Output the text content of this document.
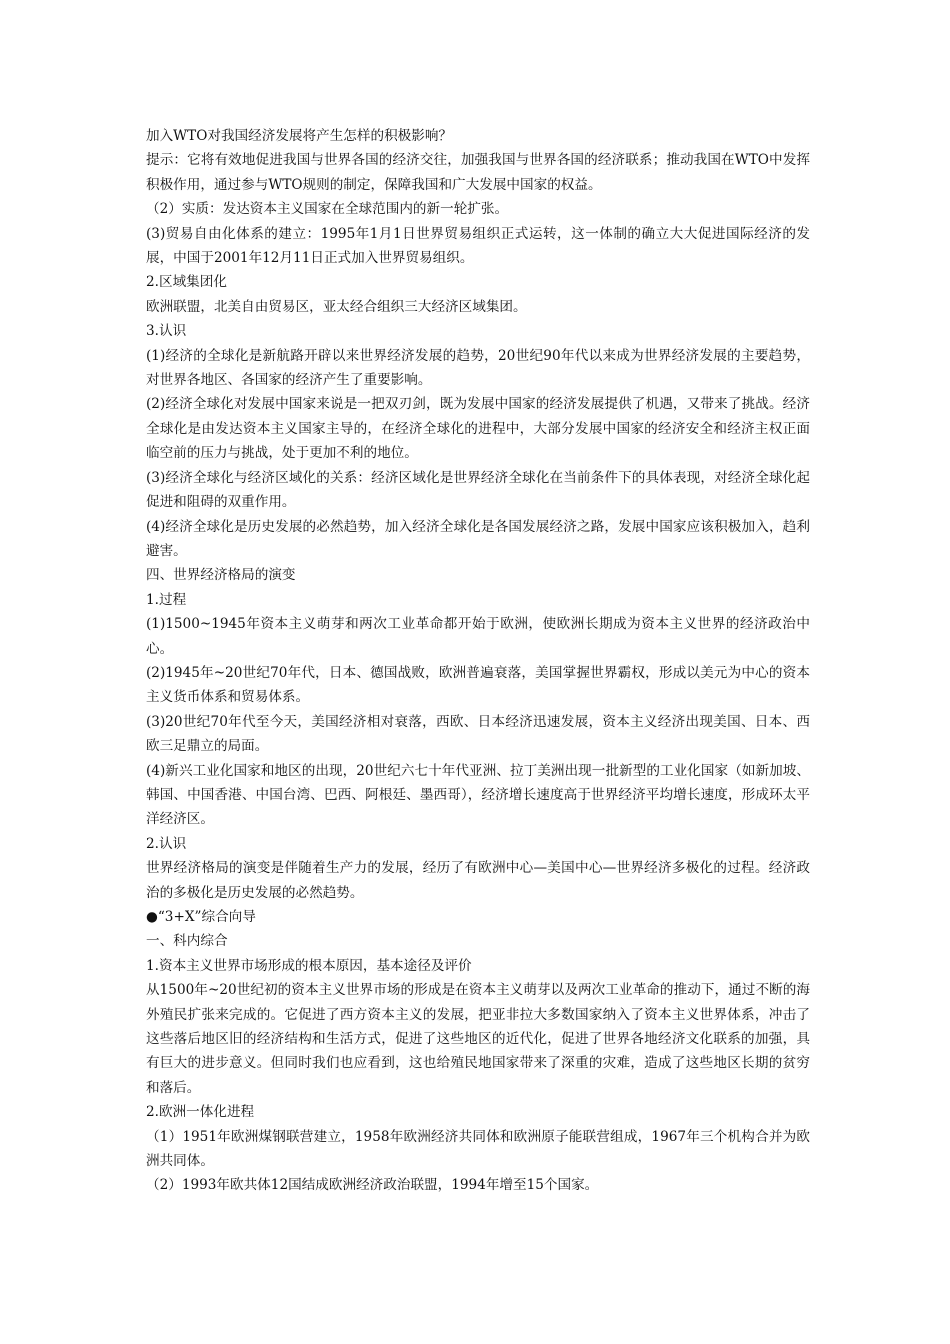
加入WTO对我国经济发展将产生怎样的积极影响？

提示：它将有效地促进我国与世界各国的经济交往，加强我国与世界各国的经济联系；推动我国在WTO中发挥积极作用，通过参与WTO规则的制定，保障我国和广大发展中国家的权益。

（2）实质：发达资本主义国家在全球范围内的新一轮扩张。

(3)贸易自由化体系的建立：1995年1月1日世界贸易组织正式运转，这一体制的确立大大促进国际经济的发展，中国于2001年12月11日正式加入世界贸易组织。

2.区域集团化

欧洲联盟，北美自由贸易区，亚太经合组织三大经济区域集团。

3.认识

(1)经济的全球化是新航路开辟以来世界经济发展的趋势，20世纪90年代以来成为世界经济发展的主要趋势，对世界各地区、各国家的经济产生了重要影响。

(2)经济全球化对发展中国家来说是一把双刃剑，既为发展中国家的经济发展提供了机遇，又带来了挑战。经济全球化是由发达资本主义国家主导的，在经济全球化的进程中，大部分发展中国家的经济安全和经济主权正面临空前的压力与挑战，处于更加不利的地位。

(3)经济全球化与经济区域化的关系：经济区域化是世界经济全球化在当前条件下的具体表现，对经济全球化起促进和阻碍的双重作用。

(4)经济全球化是历史发展的必然趋势，加入经济全球化是各国发展经济之路，发展中国家应该积极加入，趋利避害。

四、世界经济格局的演变

1.过程

(1)1500~1945年资本主义萌芽和两次工业革命都开始于欧洲，使欧洲长期成为资本主义世界的经济政治中心。

(2)1945年~20世纪70年代，日本、德国战败，欧洲普遍衰落，美国掌握世界霸权，形成以美元为中心的资本主义货币体系和贸易体系。

(3)20世纪70年代至今天，美国经济相对衰落，西欧、日本经济迅速发展，资本主义经济出现美国、日本、西欧三足鼎立的局面。

(4)新兴工业化国家和地区的出现，20世纪六七十年代亚洲、拉丁美洲出现一批新型的工业化国家（如新加坡、韩国、中国香港、中国台湾、巴西、阿根廷、墨西哥），经济增长速度高于世界经济平均增长速度，形成环太平洋经济区。

2.认识

世界经济格局的演变是伴随着生产力的发展，经历了有欧洲中心—美国中心—世界经济多极化的过程。经济政治的多极化是历史发展的必然趋势。

●“3+X”综合向导

一、科内综合

1.资本主义世界市场形成的根本原因，基本途径及评价

从1500年~20世纪初的资本主义世界市场的形成是在资本主义萌芽以及两次工业革命的推动下，通过不断的海外殖民扩张来完成的。它促进了西方资本主义的发展，把亚非拉大多数国家纳入了资本主义世界体系，冲击了这些落后地区旧的经济结构和生活方式，促进了这些地区的近代化，促进了世界各地经济文化联系的加强，具有巨大的进步意义。但同时我们也应看到，这也给殖民地国家带来了深重的灾难，造成了这些地区长期的贫穷和落后。

2.欧洲一体化进程

（1）1951年欧洲煤钢联营建立，1958年欧洲经济共同体和欧洲原子能联营组成，1967年三个机构合并为欧洲共同体。

（2）1993年欧共体12国结成欧洲经济政治联盟，1994年增至15个国家。
